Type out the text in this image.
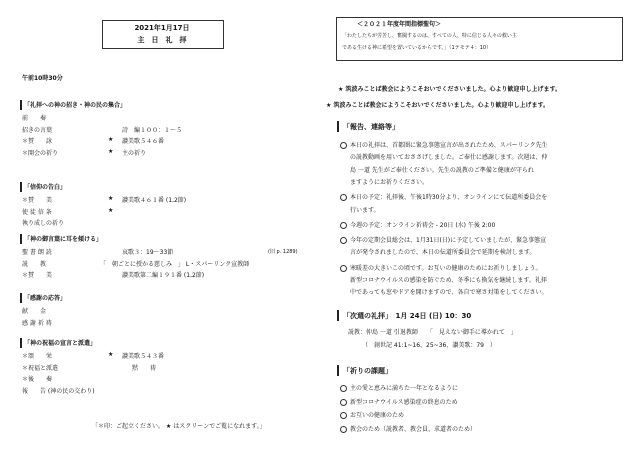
2021年1月17日
主　日　礼　拝
午前10時30分
「礼拝への神の招き・神の民の集合」
前　　奏
招きの言葉	詩　編１００：１～５
＊賛　　詠	★ 讃美歌５４６番
＊開会の祈り	★ 主の祈り
「信仰の告白」
＊賛　　美	★ 讃美歌４６１番 (1,2節)
使 徒 信 条	★
執り成しの祈り
「神の御言葉に耳を傾ける」
聖 書 朗 読	哀歌３：19～33節	(旧 p. 1289)
説　　教	「　朝ごとに授かる慈しみ　」 L・スパーリンク宣教師
＊賛　　美	讃美歌第二編１９１番 (1,2節)
「感謝の応答」
献　　金
感 謝 祈 祷
「神の祝福の宣言と派遣」
＊頌　　栄	★ 讃美歌５４３番
＊祝福と派遣	黙　　祷
＊後　　奏
報　　告 (神の民の交わり)
「＊印：ご起立ください。 ★ はスクリーンでご覧になれます。」
＜２０２１年度年間指標聖句＞
「わたしたちが労苦し、奮闘するのは、すべての人、特に信じる人々の救い主
である生ける神に希望を置いているからです。」（1テモテ４：10）
★ 筑波みことば教会にようこそおいでくださいました。心より歓迎申し上げます。
★ 筑波みことば教会にようこそおいでくださいました。心より歓迎申し上げます。
「報告、連絡等」
本日の礼拝は、首都圏に緊急事態宣言が出されたため、スパーリンク先生
の説教動画を用いておささげしました。ご奉仕に感謝します。次週は、仲
島 一道 先生がご奉仕ください。先生の説教のご準備と健康が守られ
ますようにお祈りください。
本日の予定：礼拝後、午後1時30分より、オンラインにて伝道所委員会を
行います。
今週の予定：オンライン祈祷会 - 20日 (水) 午後 2:00
今年の定期会員総会は、1月31日(日)に予定していましたが、緊急事態宣
言が発令されましたので、本日の伝道所委員会で延期を検討します。
寒暖差の大きいこの頃です。お互いの健康のためにお祈りしましょう。
新型コロナウイルスの感染を防ぐため、冬季にも換気を継続します。礼拝
中であっても窓やドアを開けますので、各自で寒さ対策をしてください。
「次週の礼拝」　1月 24日 (日) 10：30
説教：仲島 一道 引退教師　　「　見えない御手に導かれて　」
（　創世記 41:1~16、25~36、讃美歌：79　）
「祈りの課題」
主の愛と恵みに満ちた一年となるように
新型コロナウイルス感染症の終息のため
お互いの健康のため
教会のため（説教者、教会員、求道者のため）
